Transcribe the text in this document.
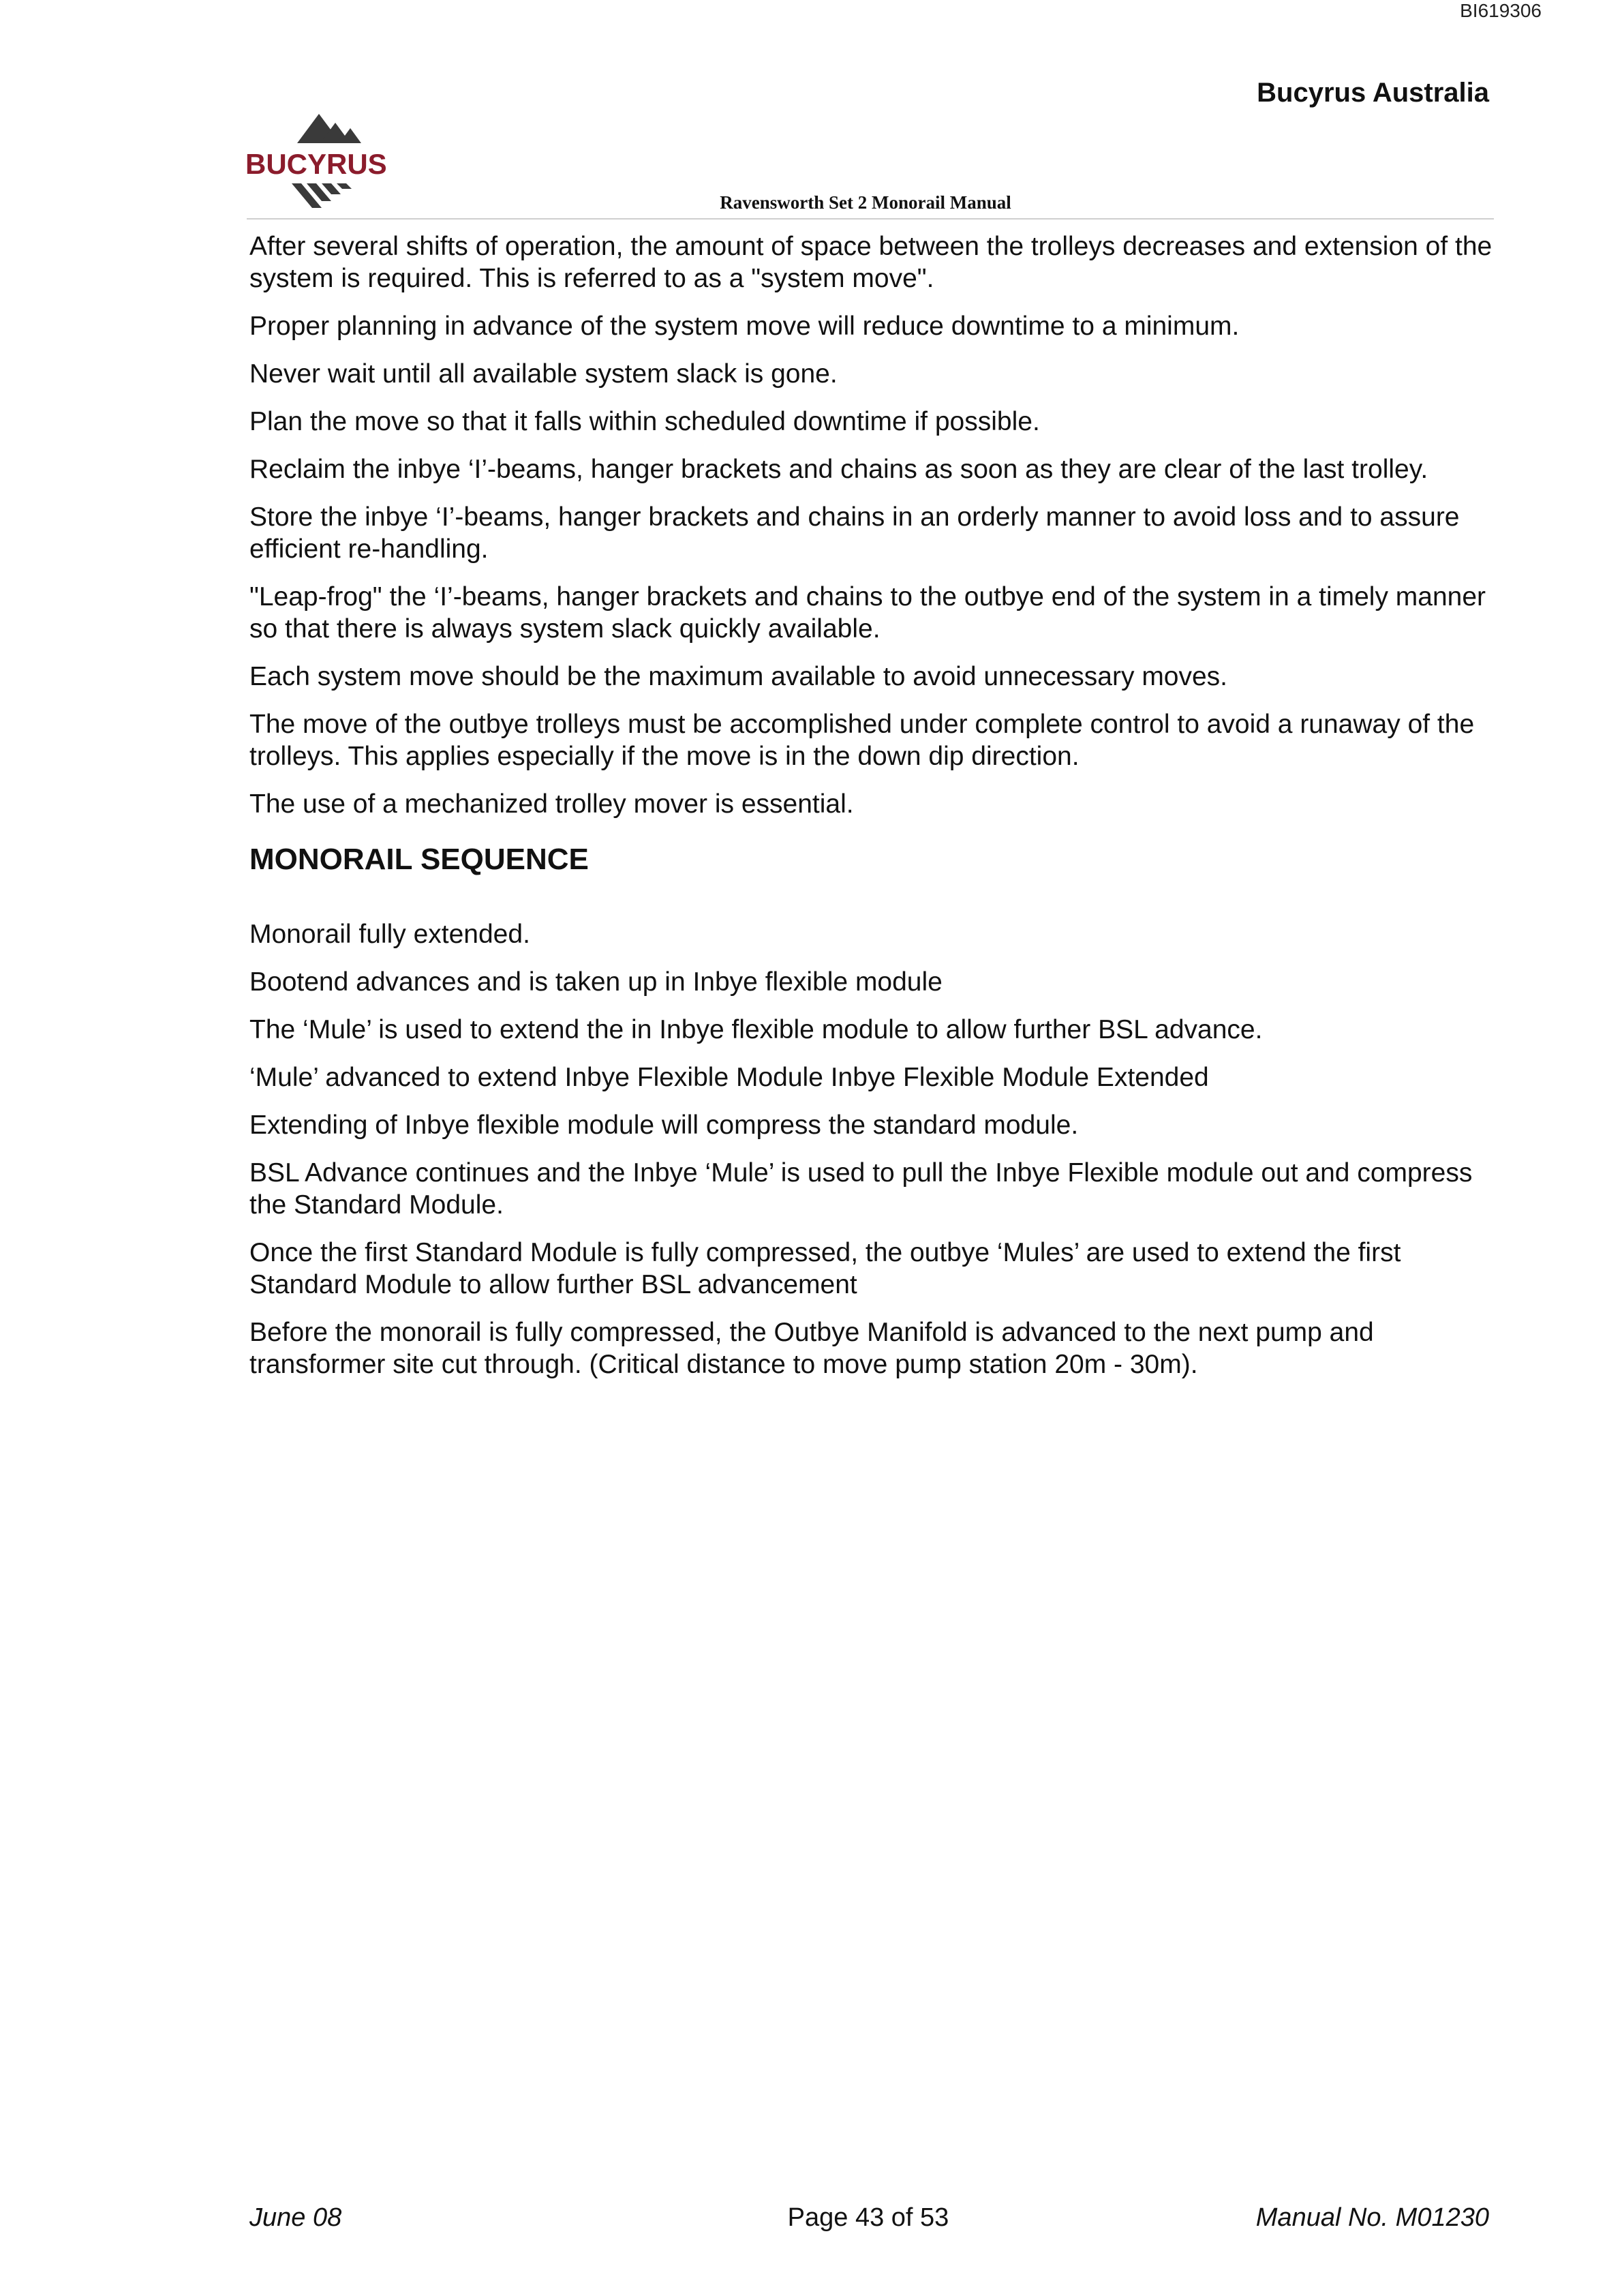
BI619306
Bucyrus Australia
BUCYRUS
Ravensworth Set 2 Monorail Manual

After several shifts of operation, the amount of space between the trolleys decreases and extension of the system is required. This is referred to as a "system move".

Proper planning in advance of the system move will reduce downtime to a minimum.

Never wait until all available system slack is gone.

Plan the move so that it falls within scheduled downtime if possible.

Reclaim the inbye ‘I’-beams, hanger brackets and chains as soon as they are clear of the last trolley.

Store the inbye ‘I’-beams, hanger brackets and chains in an orderly manner to avoid loss and to assure efficient re-handling.

"Leap-frog" the ‘I’-beams, hanger brackets and chains to the outbye end of the system in a timely manner so that there is always system slack quickly available.

Each system move should be the maximum available to avoid unnecessary moves.

The move of the outbye trolleys must be accomplished under complete control to avoid a runaway of the trolleys. This applies especially if the move is in the down dip direction.

The use of a mechanized trolley mover is essential.

MONORAIL SEQUENCE

Monorail fully extended.

Bootend advances and is taken up in Inbye flexible module

The ‘Mule’ is used to extend the in Inbye flexible module to allow further BSL advance.

‘Mule’ advanced to extend Inbye Flexible Module Inbye Flexible Module Extended

Extending of Inbye flexible module will compress the standard module.

BSL Advance continues and the Inbye ‘Mule’ is used to pull the Inbye Flexible module out and compress the Standard Module.

Once the first Standard Module is fully compressed, the outbye ‘Mules’ are used to extend the first Standard Module to allow further BSL advancement

Before the monorail is fully compressed, the Outbye Manifold is advanced to the next pump and transformer site cut through. (Critical distance to move pump station 20m - 30m).

June 08	Page 43 of 53	Manual No. M01230
